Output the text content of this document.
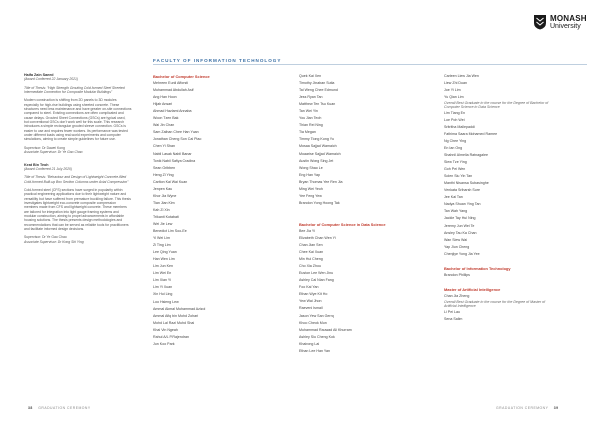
MONASH
University
FACULTY OF INFORMATION TECHNOLOGY
Haifa Zain Saeed
(Award Conferred 22 January 2021)
Title of Thesis: "High Strength Grouting Cold-formed Steel Sheeted
Intermediate Connection for Composite Modular Buildings"
Modern construction is shifting from 2D panels to 3D modules
especially for high-rise buildings using sheeted concrete. These
structures need less maintenance and have greater on-site connections
compared to steel. Existing connections are often complicated and
cause delays. Grouted Sheet Connections (GSCs) are typical used,
but conventional GSCs don't work well for this scale. This research
introduces a simple rectangular grouted sleeve connection. GSCs is
easier to use and requires fewer workers. Its performance was tested
under different loads using real-world experiments and computer
simulations, aiming to create simple guidelines for future use.
Supervisor: Dr Dawei Kong
Associate Supervisor: Dr Ye Gao Chao
Keat Bin Teoh
(Award Conferred 21 July 2020)
Title of Thesis: "Behaviour and Design of Lightweight Concrete-filled
Cold-formed Built-up Box Section Columns under Axial Compression"
Cold-formed steel (CFS) sections have surged in popularity within
practical engineering applications due to their lightweight nature and
versatility but have suffered from premature buckling failure. This thesis
investigates lightweight eco-concrete composite compression
members made from CFS and lightweight concrete. These members
are tailored for integration into light gauge framing systems and
modular construction, aiming to propel advancements in affordable
housing solutions. The thesis presents design methodologies and
recommendations that can be served as reliable tools for practitioners
and facilitate informed design decisions.
Supervisor: Dr Ye Gao Chao
Associate Supervisor: Dr Kong Shi Ying
Bachelor of Computer Science
Mehreen Eunli Afforsti
Muhammad Abdullah Asif
Ang Han Hoon
Hijab Ansari
Ahmad Hazlami Annaba
Woon Tzen Bak
Wai Jin Chan
Sam Zaihan Chee Han Yuan
Jonathan Cheng Son Cai Piao
Chen Yi Shan
Nabil Lasak Nabil Banar
Tonik Nabil Safiya Cradina
Sean Gribben
Heng Zi Ying
Carlton Kai Wai Kuan
Jenpen Kau
Khor Jia Wyne
Tian Jian Kim
Kah Zi Xin
Trikanti Kotabati
Wei Jie Lew
Benedict Lim Soo-Ee
Yi Wei Lim
Zi Ting Lim
Lee Qing Yuan
Han Wen Lim
Lim Jun Ken
Lim Wei En
Lim Xian Yi
Lim Yi Xuan
Xin Hui Ling
Loo Hsieng Lew
Ammal Akmal Muhammad Azizol
Ammal Afiq bin Mohd Zohari
Mohd Lal Razi Muhd Shai
Khai Vin Ngeah
Rahul A/L P.Rajendran
Jun Koo Park
Quek Kai Xen
Timothy Jinaban Sutia
Tai Weng Chee Edmund
Jess Ryan Tan
Matthew Ten Tsu Kuan
Tan Wei Yin
You Jian Teoh
Thian Rei Ning
Tia Megan
Timmy Tiong Kong Yu
Mosaa Sajjad Wamaich
Moaarise Sajjad Wamaich
Austin Wong Sing Jet
Wong Shao Le
Eng Han Yap
Bryan Thomas Yee Ren Jia
Ming Wei Yeoh
Yee Feng Yew
Brandon Yong Hoong Tak
Bachelor of Computer Science in Data Science
Bee Jia Yi
Elizabeth Chan Wen Yi
Chan Jian Sen
Chee Kai Xuan
Min Hui Cheng
Cho Xia Zhou
Euston Lee Wen Jinu
Ashley Cai Nian Fang
Foo Kai Yan
Ethan Wye Kit Ho
Yew Wai Jhon
Raeveni Ismail
Jason Yew San Gerrq
Khoo Cheok Mun
Muhammad Rauwad Ali Khurram
Ashley Siu Cheng Kok
Khairong Lai
Ethan Lee Han Yan
Carleen Liew Jia Wen
Liew Zhi Duan
Joe Yi Lim
Yu Qian Lim
Overall Best Graduate in the course for the Degree of Bachelor of
Computer Science in Data Science
Lim Tiang En
Loe Poh Wei
Sritritha Mallepaddi
Fathima Saara Mohamed Ramee
Ng Chee Ying
En Ian Ong
Shahnil Almelia Ratnagalee
Siew Tze Ying
Goh Pei Wen
Solen Siu Yin Tan
Manthi Nisansa Subasinghe
Venkata Sriharsh Sure
Jee Kai Tan
Nadya Shuan Ying Tan
Tan Wah Yang
Jackle Tay Hui Ning
Jeremy Jun Wei Te
Ansley Tau Ka Chan
Wan Siew Wai
Yap Jiun Cheng
Chenjiye Yong Jia Yee
Bachelor of Information Technology
Brandon Phillips
Master of Artificial Intelligence
Chan Jia Zheng
Overall Best Graduate in the course for the Degree of Master of
Artificial Intelligence
Li Pei Lau
Sena Salim
38 GRADUATION CEREMONY	GRADUATION CEREMONY 39
